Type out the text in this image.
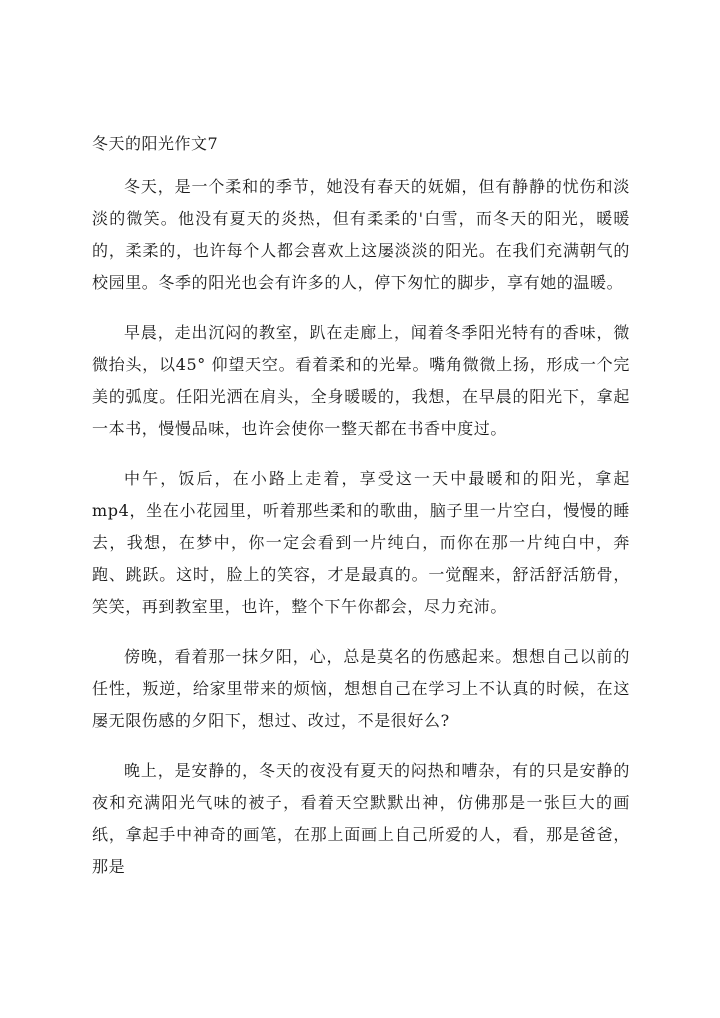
冬天的阳光作文7

冬天，是一个柔和的季节，她没有春天的妩媚，但有静静的忧伤和淡淡的微笑。他没有夏天的炎热，但有柔柔的'白雪，而冬天的阳光，暖暖的，柔柔的，也许每个人都会喜欢上这屡淡淡的阳光。在我们充满朝气的校园里。冬季的阳光也会有许多的人，停下匆忙的脚步，享有她的温暖。

早晨，走出沉闷的教室，趴在走廊上，闻着冬季阳光特有的香味，微微抬头，以45° 仰望天空。看着柔和的光晕。嘴角微微上扬，形成一个完美的弧度。任阳光洒在肩头，全身暖暖的，我想，在早晨的阳光下，拿起一本书，慢慢品味，也许会使你一整天都在书香中度过。

中午，饭后，在小路上走着，享受这一天中最暖和的阳光，拿起mp4，坐在小花园里，听着那些柔和的歌曲，脑子里一片空白，慢慢的睡去，我想，在梦中，你一定会看到一片纯白，而你在那一片纯白中，奔跑、跳跃。这时，脸上的笑容，才是最真的。一觉醒来，舒活舒活筋骨，笑笑，再到教室里，也许，整个下午你都会，尽力充沛。

傍晚，看着那一抹夕阳，心，总是莫名的伤感起来。想想自己以前的任性，叛逆，给家里带来的烦恼，想想自己在学习上不认真的时候，在这屡无限伤感的夕阳下，想过、改过，不是很好么?

晚上，是安静的，冬天的夜没有夏天的闷热和嘈杂，有的只是安静的夜和充满阳光气味的被子，看着天空默默出神，仿佛那是一张巨大的画纸，拿起手中神奇的画笔，在那上面画上自己所爱的人，看，那是爸爸，那是
